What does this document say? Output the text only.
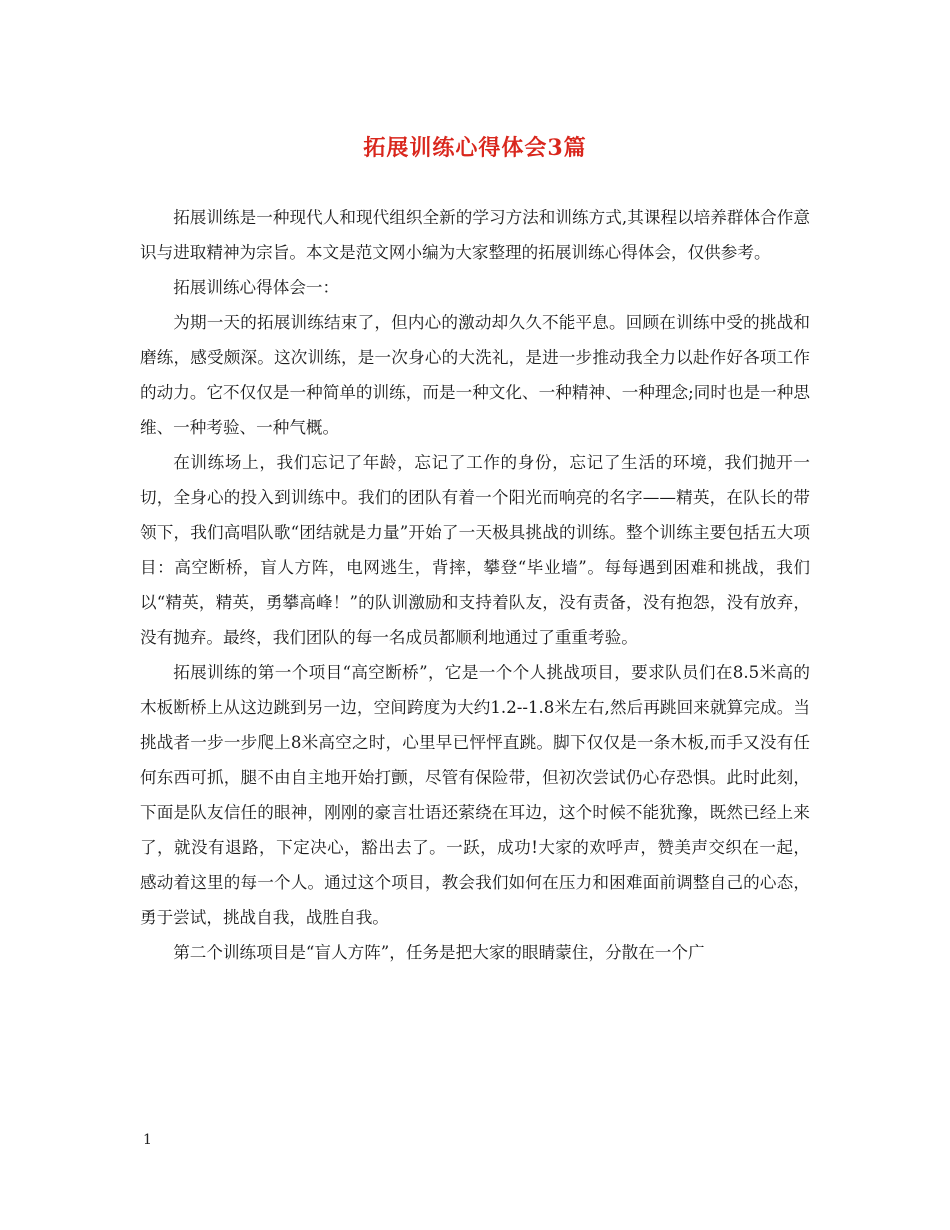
拓展训练心得体会3篇

拓展训练是一种现代人和现代组织全新的学习方法和训练方式,其课程以培养群体合作意识与进取精神为宗旨。本文是范文网小编为大家整理的拓展训练心得体会，仅供参考。

拓展训练心得体会一：

为期一天的拓展训练结束了，但内心的激动却久久不能平息。回顾在训练中受的挑战和磨练，感受颇深。这次训练，是一次身心的大洗礼，是进一步推动我全力以赴作好各项工作的动力。它不仅仅是一种简单的训练，而是一种文化、一种精神、一种理念;同时也是一种思维、一种考验、一种气概。

在训练场上，我们忘记了年龄，忘记了工作的身份，忘记了生活的环境，我们抛开一切，全身心的投入到训练中。我们的团队有着一个阳光而响亮的名字——精英，在队长的带领下，我们高唱队歌“团结就是力量”开始了一天极具挑战的训练。整个训练主要包括五大项目：高空断桥，盲人方阵，电网逃生，背摔，攀登“毕业墙”。每每遇到困难和挑战，我们以“精英，精英，勇攀高峰！”的队训激励和支持着队友，没有责备，没有抱怨，没有放弃，没有抛弃。最终，我们团队的每一名成员都顺利地通过了重重考验。

拓展训练的第一个项目“高空断桥”，它是一个个人挑战项目，要求队员们在8.5米高的木板断桥上从这边跳到另一边，空间跨度为大约1.2--1.8米左右,然后再跳回来就算完成。当挑战者一步一步爬上8米高空之时，心里早已怦怦直跳。脚下仅仅是一条木板,而手又没有任何东西可抓，腿不由自主地开始打颤，尽管有保险带，但初次尝试仍心存恐惧。此时此刻，下面是队友信任的眼神，刚刚的豪言壮语还萦绕在耳边，这个时候不能犹豫，既然已经上来了，就没有退路，下定决心，豁出去了。一跃，成功!大家的欢呼声，赞美声交织在一起，感动着这里的每一个人。通过这个项目，教会我们如何在压力和困难面前调整自己的心态，勇于尝试，挑战自我，战胜自我。

第二个训练项目是“盲人方阵”，任务是把大家的眼睛蒙住，分散在一个广

1
